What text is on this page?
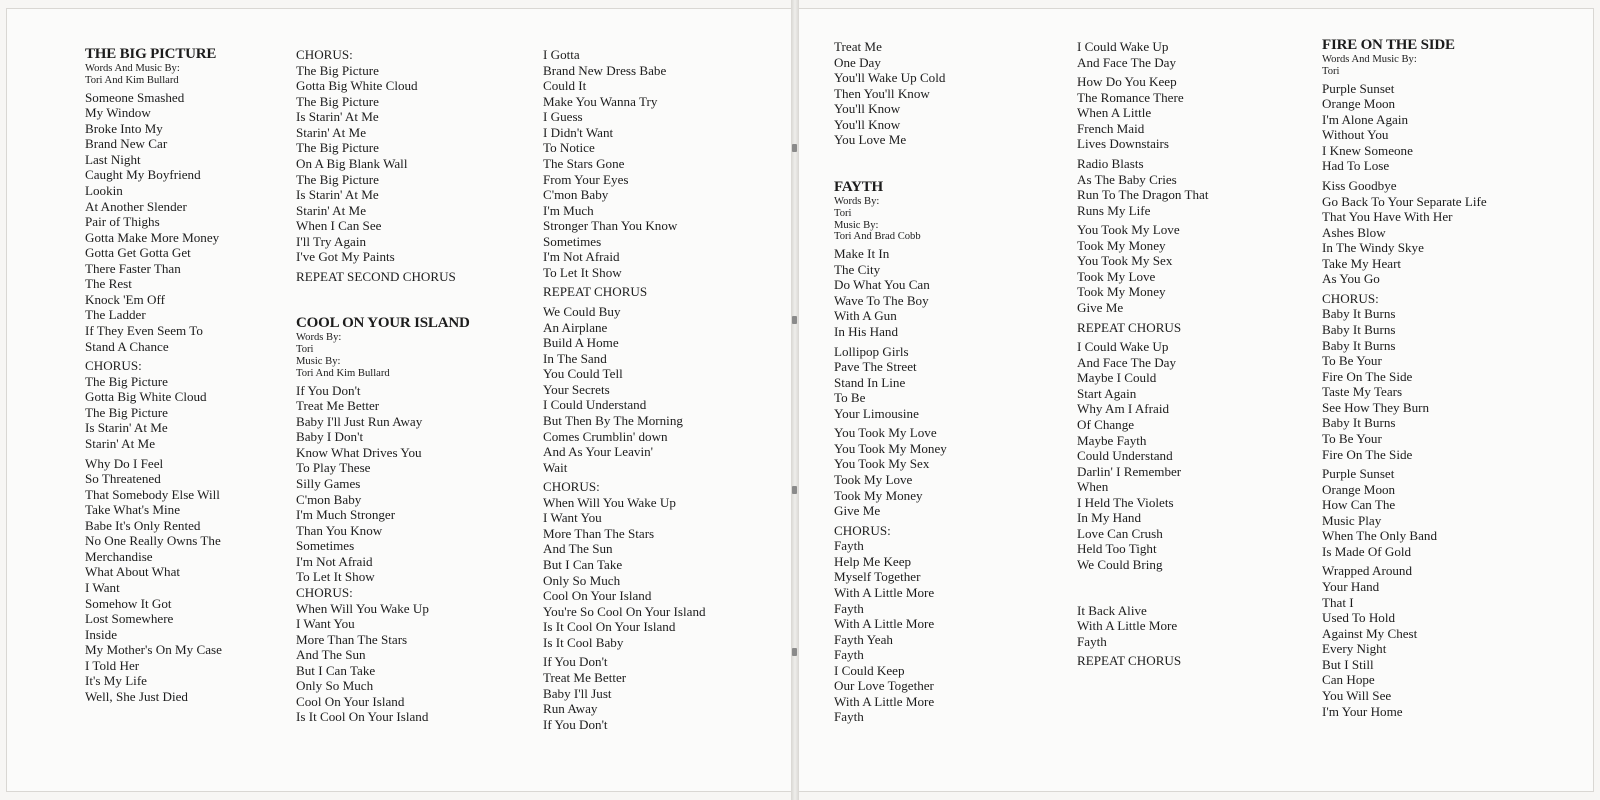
THE BIG PICTURE
Words And Music By:
Tori And Kim Bullard
Someone Smashed
My Window
Broke Into My
Brand New Car
Last Night
Caught My Boyfriend
Lookin
At Another Slender
Pair of Thighs
Gotta Make More Money
Gotta Get Gotta Get
There Faster Than
The Rest
Knock 'Em Off
The Ladder
If They Even Seem To
Stand A Chance
CHORUS:
The Big Picture
Gotta Big White Cloud
The Big Picture
Is Starin' At Me
Starin' At Me
Why Do I Feel
So Threatened
That Somebody Else Will
Take What's Mine
Babe It's Only Rented
No One Really Owns The
Merchandise
What About What
I Want
Somehow It Got
Lost Somewhere
Inside
My Mother's On My Case
I Told Her
It's My Life
Well, She Just Died
CHORUS:
The Big Picture
Gotta Big White Cloud
The Big Picture
Is Starin' At Me
Starin' At Me
The Big Picture
On A Big Blank Wall
The Big Picture
Is Starin' At Me
Starin' At Me
When I Can See
I'll Try Again
I've Got My Paints
REPEAT SECOND CHORUS
COOL ON YOUR ISLAND
Words By:
Tori
Music By:
Tori And Kim Bullard
If You Don't
Treat Me Better
Baby I'll Just Run Away
Baby I Don't
Know What Drives You
To Play These
Silly Games
C'mon Baby
I'm Much Stronger
Than You Know
Sometimes
I'm Not Afraid
To Let It Show
CHORUS:
When Will You Wake Up
I Want You
More Than The Stars
And The Sun
But I Can Take
Only So Much
Cool On Your Island
Is It Cool On Your Island
I Gotta
Brand New Dress Babe
Could It
Make You Wanna Try
I Guess
I Didn't Want
To Notice
The Stars Gone
From Your Eyes
C'mon Baby
I'm Much
Stronger Than You Know
Sometimes
I'm Not Afraid
To Let It Show
REPEAT CHORUS
We Could Buy
An Airplane
Build A Home
In The Sand
You Could Tell
Your Secrets
I Could Understand
But Then By The Morning
Comes Crumblin' down
And As Your Leavin'
Wait
CHORUS:
When Will You Wake Up
I Want You
More Than The Stars
And The Sun
But I Can Take
Only So Much
Cool On Your Island
You're So Cool On Your Island
Is It Cool On Your Island
Is It Cool Baby
If You Don't
Treat Me Better
Baby I'll Just
Run Away
If You Don't
Treat Me
One Day
You'll Wake Up Cold
Then You'll Know
You'll Know
You'll Know
You Love Me
FAYTH
Words By:
Tori
Music By:
Tori And Brad Cobb
Make It In
The City
Do What You Can
Wave To The Boy
With A Gun
In His Hand
Lollipop Girls
Pave The Street
Stand In Line
To Be
Your Limousine
You Took My Love
You Took My Money
You Took My Sex
Took My Love
Took My Money
Give Me
CHORUS:
Fayth
Help Me Keep
Myself Together
With A Little More
Fayth
With A Little More
Fayth Yeah
Fayth
I Could Keep
Our Love Together
With A Little More
Fayth
I Could Wake Up
And Face The Day
How Do You Keep
The Romance There
When A Little
French Maid
Lives Downstairs
Radio Blasts
As The Baby Cries
Run To The Dragon That
Runs My Life
You Took My Love
Took My Money
You Took My Sex
Took My Love
Took My Money
Give Me
REPEAT CHORUS
I Could Wake Up
And Face The Day
Maybe I Could
Start Again
Why Am I Afraid
Of Change
Maybe Fayth
Could Understand
Darlin' I Remember
When
I Held The Violets
In My Hand
Love Can Crush
Held Too Tight
We Could Bring
It Back Alive
With A Little More
Fayth
REPEAT CHORUS
FIRE ON THE SIDE
Words And Music By:
Tori
Purple Sunset
Orange Moon
I'm Alone Again
Without You
I Knew Someone
Had To Lose
Kiss Goodbye
Go Back To Your Separate Life
That You Have With Her
Ashes Blow
In The Windy Skye
Take My Heart
As You Go
CHORUS:
Baby It Burns
Baby It Burns
Baby It Burns
To Be Your
Fire On The Side
Taste My Tears
See How They Burn
Baby It Burns
To Be Your
Fire On The Side
Purple Sunset
Orange Moon
How Can The
Music Play
When The Only Band
Is Made Of Gold
Wrapped Around
Your Hand
That I
Used To Hold
Against My Chest
Every Night
But I Still
Can Hope
You Will See
I'm Your Home
